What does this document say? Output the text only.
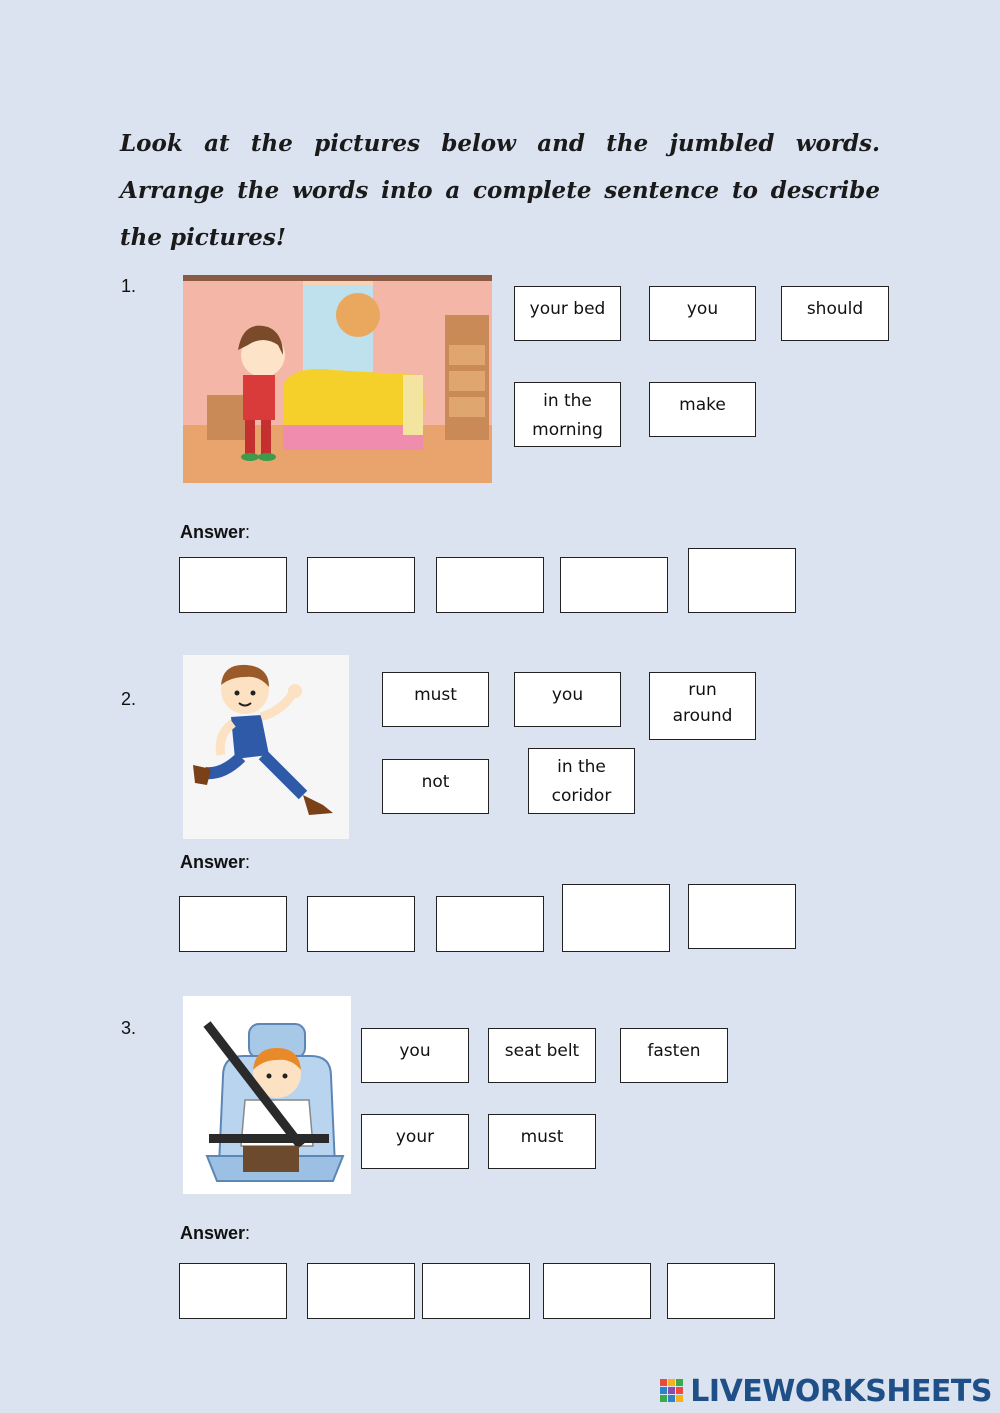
Look at the pictures below and the jumbled words. Arrange the words into a complete sentence to describe the pictures!
1.
your bed	you	should
in the
morning
make
Answer:
2.	must	you	run
around
not
in the
coridor
Answer:
3.
you	seat belt	fasten
your	must
Answer:
LIVEWORKSHEETS
